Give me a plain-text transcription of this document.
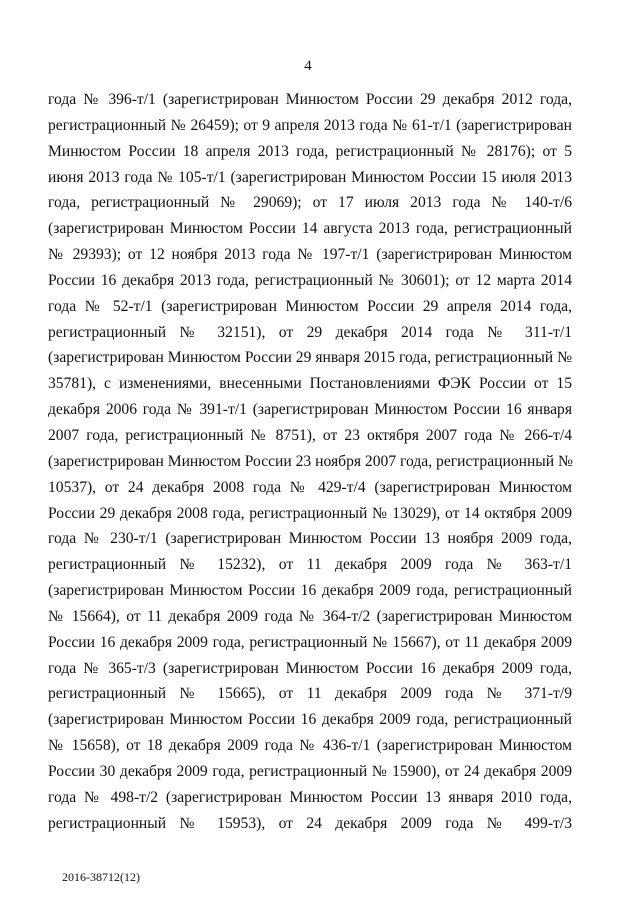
4
года № 396-т/1 (зарегистрирован Минюстом России 29 декабря 2012 года,
регистрационный № 26459); от 9 апреля 2013 года № 61-т/1 (зарегистрирован
Минюстом России 18 апреля 2013 года, регистрационный № 28176); от 5
июня 2013 года № 105-т/1 (зарегистрирован Минюстом России 15 июля 2013
года, регистрационный № 29069); от 17 июля 2013 года № 140-т/6
(зарегистрирован Минюстом России 14 августа 2013 года, регистрационный
№ 29393); от 12 ноября 2013 года № 197-т/1 (зарегистрирован Минюстом
России 16 декабря 2013 года, регистрационный № 30601); от 12 марта 2014
года № 52-т/1 (зарегистрирован Минюстом России 29 апреля 2014 года,
регистрационный № 32151), от 29 декабря 2014 года № 311-т/1
(зарегистрирован Минюстом России 29 января 2015 года, регистрационный №
35781), с изменениями, внесенными Постановлениями ФЭК России от 15
декабря 2006 года № 391-т/1 (зарегистрирован Минюстом России 16 января
2007 года, регистрационный № 8751), от 23 октября 2007 года № 266-т/4
(зарегистрирован Минюстом России 23 ноября 2007 года, регистрационный №
10537), от 24 декабря 2008 года № 429-т/4 (зарегистрирован Минюстом
России 29 декабря 2008 года, регистрационный № 13029), от 14 октября 2009
года № 230-т/1 (зарегистрирован Минюстом России 13 ноября 2009 года,
регистрационный № 15232), от 11 декабря 2009 года № 363-т/1
(зарегистрирован Минюстом России 16 декабря 2009 года, регистрационный
№ 15664), от 11 декабря 2009 года № 364-т/2 (зарегистрирован Минюстом
России 16 декабря 2009 года, регистрационный № 15667), от 11 декабря 2009
года № 365-т/3 (зарегистрирован Минюстом России 16 декабря 2009 года,
регистрационный № 15665), от 11 декабря 2009 года № 371-т/9
(зарегистрирован Минюстом России 16 декабря 2009 года, регистрационный
№ 15658), от 18 декабря 2009 года № 436-т/1 (зарегистрирован Минюстом
России 30 декабря 2009 года, регистрационный № 15900), от 24 декабря 2009
года № 498-т/2 (зарегистрирован Минюстом России 13 января 2010 года,
регистрационный № 15953), от 24 декабря 2009 года № 499-т/3
2016-38712(12)
